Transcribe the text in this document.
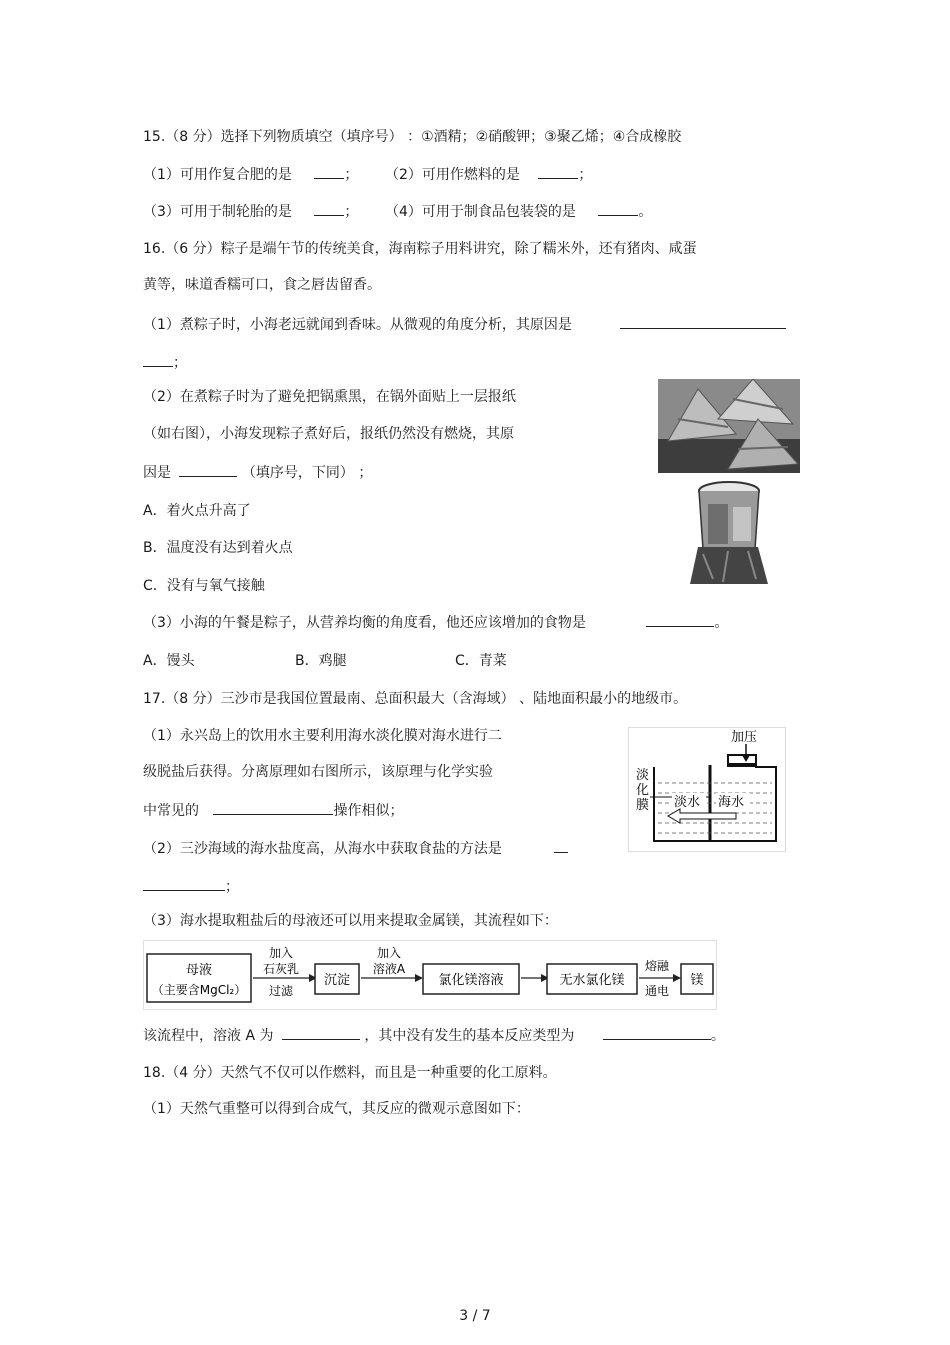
15.（8 分）选择下列物质填空（填序号） ：①酒精；②硝酸钾；③聚乙烯；④合成橡胶
（1）可用作复合肥的是	； （2）可用作燃料的是	；
（3）可用于制轮胎的是	； （4）可用于制食品包装袋的是	。
16.（6 分）粽子是端午节的传统美食，海南粽子用料讲究，除了糯米外，还有猪肉、咸蛋
黄等，味道香糯可口，食之唇齿留香。
（1）煮粽子时，小海老远就闻到香味。从微观的角度分析，其原因是
；
（2）在煮粽子时为了避免把锅熏黑，在锅外面贴上一层报纸
（如右图），小海发现粽子煮好后，报纸仍然没有燃烧，其原
因是	（填序号，下同） ；
A．着火点升高了
B．温度没有达到着火点
C．没有与氧气接触
（3）小海的午餐是粽子，从营养均衡的角度看，他还应该增加的食物是	。
A．馒头	B．鸡腿	C．青菜
17.（8 分）三沙市是我国位置最南、总面积最大（含海域） 、陆地面积最小的地级市。
（1）永兴岛上的饮用水主要利用海水淡化膜对海水进行二
级脱盐后获得。分离原理如右图所示，该原理与化学实验
中常见的	操作相似；
（2）三沙海域的海水盐度高，从海水中获取食盐的方法是
；
（3）海水提取粗盐后的母液还可以用来提取金属镁，其流程如下：
加压
淡
化
膜 淡水 海水
母液
（主要含MgCl₂）
加入
石灰乳
过滤
沉淀
加入
溶液A
氯化镁溶液	无水氯化镁
熔融
通电
镁
该流程中，溶液 A 为	，其中没有发生的基本反应类型为	。
18.（4 分）天然气不仅可以作燃料，而且是一种重要的化工原料。
（1）天然气重整可以得到合成气，其反应的微观示意图如下：
3 / 7
